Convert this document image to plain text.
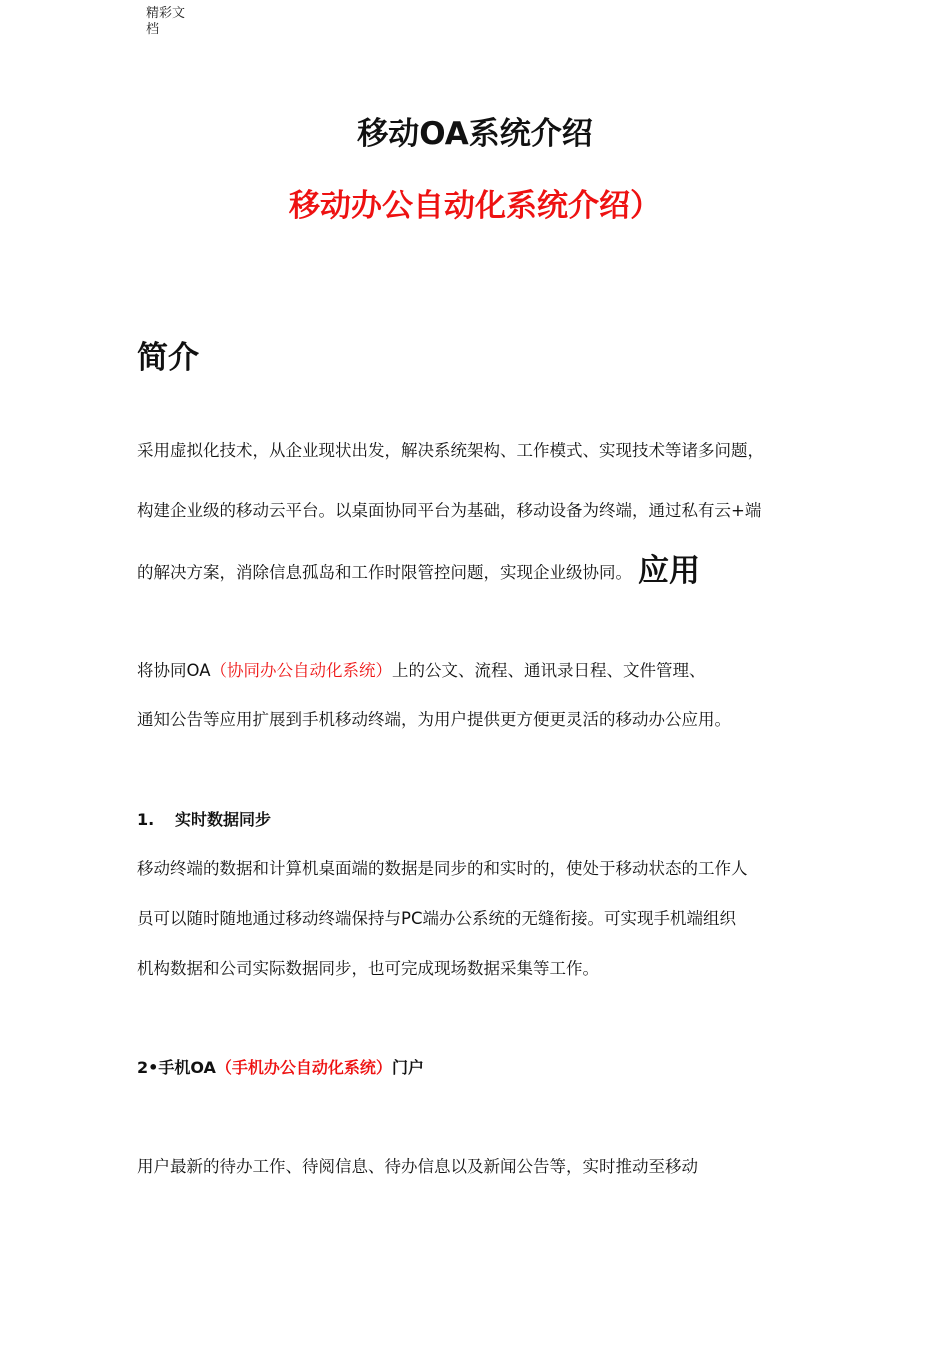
精彩文档
移动OA系统介绍
移动办公自动化系统介绍）
简介
采用虚拟化技术，从企业现状出发，解决系统架构、工作模式、实现技术等诸多问题，
构建企业级的移动云平台。以桌面协同平台为基础，移动设备为终端，通过私有云+端
的解决方案，消除信息孤岛和工作时限管控问题，实现企业级协同。 应用
将协同OA（协同办公自动化系统）上的公文、流程、通讯录日程、文件管理、
通知公告等应用扩展到手机移动终端，为用户提供更方便更灵活的移动办公应用。
1. 实时数据同步
移动终端的数据和计算机桌面端的数据是同步的和实时的，使处于移动状态的工作人
员可以随时随地通过移动终端保持与PC端办公系统的无缝衔接。可实现手机端组织
机构数据和公司实际数据同步，也可完成现场数据采集等工作。
2•手机OA（手机办公自动化系统）门户
用户最新的待办工作、待阅信息、待办信息以及新闻公告等，实时推动至移动
